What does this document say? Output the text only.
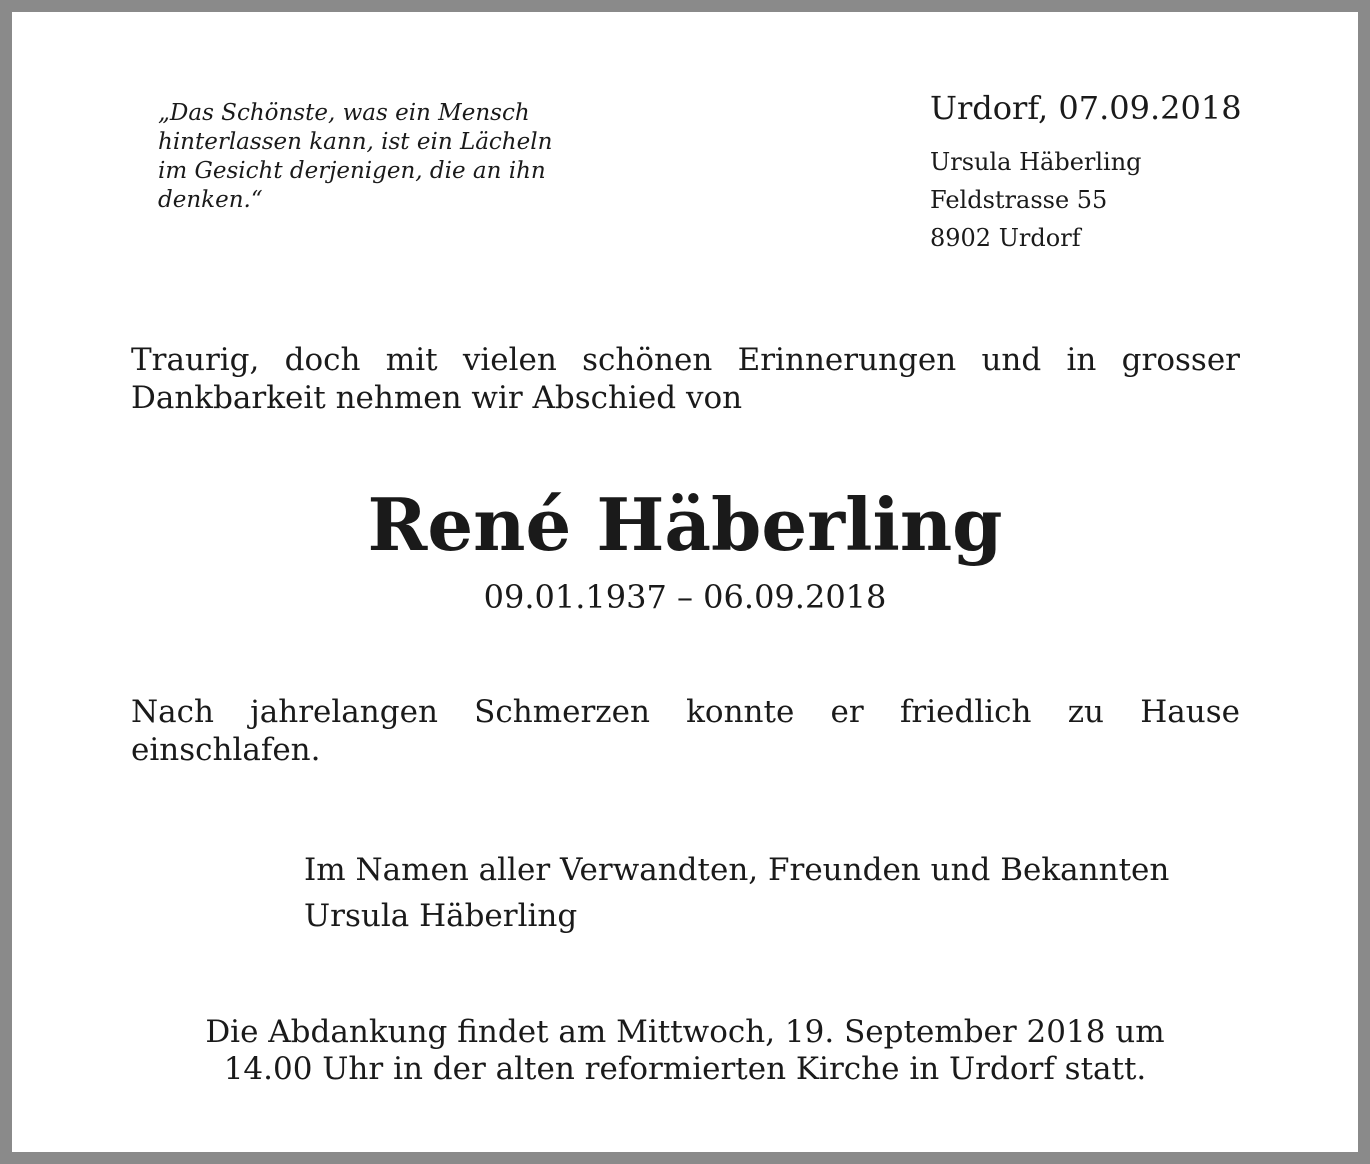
„Das Schönste, was ein Mensch
hinterlassen kann, ist ein Lächeln
im Gesicht derjenigen, die an ihn
denken.“
Urdorf, 07.09.2018
Ursula Häberling
Feldstrasse 55
8902 Urdorf
Traurig, doch mit vielen schönen Erinnerungen und in grosser Dankbarkeit nehmen wir Abschied von
René Häberling
09.01.1937 – 06.09.2018
Nach jahrelangen Schmerzen konnte er friedlich zu Hause einschlafen.
Im Namen aller Verwandten, Freunden und Bekannten
Ursula Häberling
Die Abdankung findet am Mittwoch, 19. September 2018 um
14.00 Uhr in der alten reformierten Kirche in Urdorf statt.
